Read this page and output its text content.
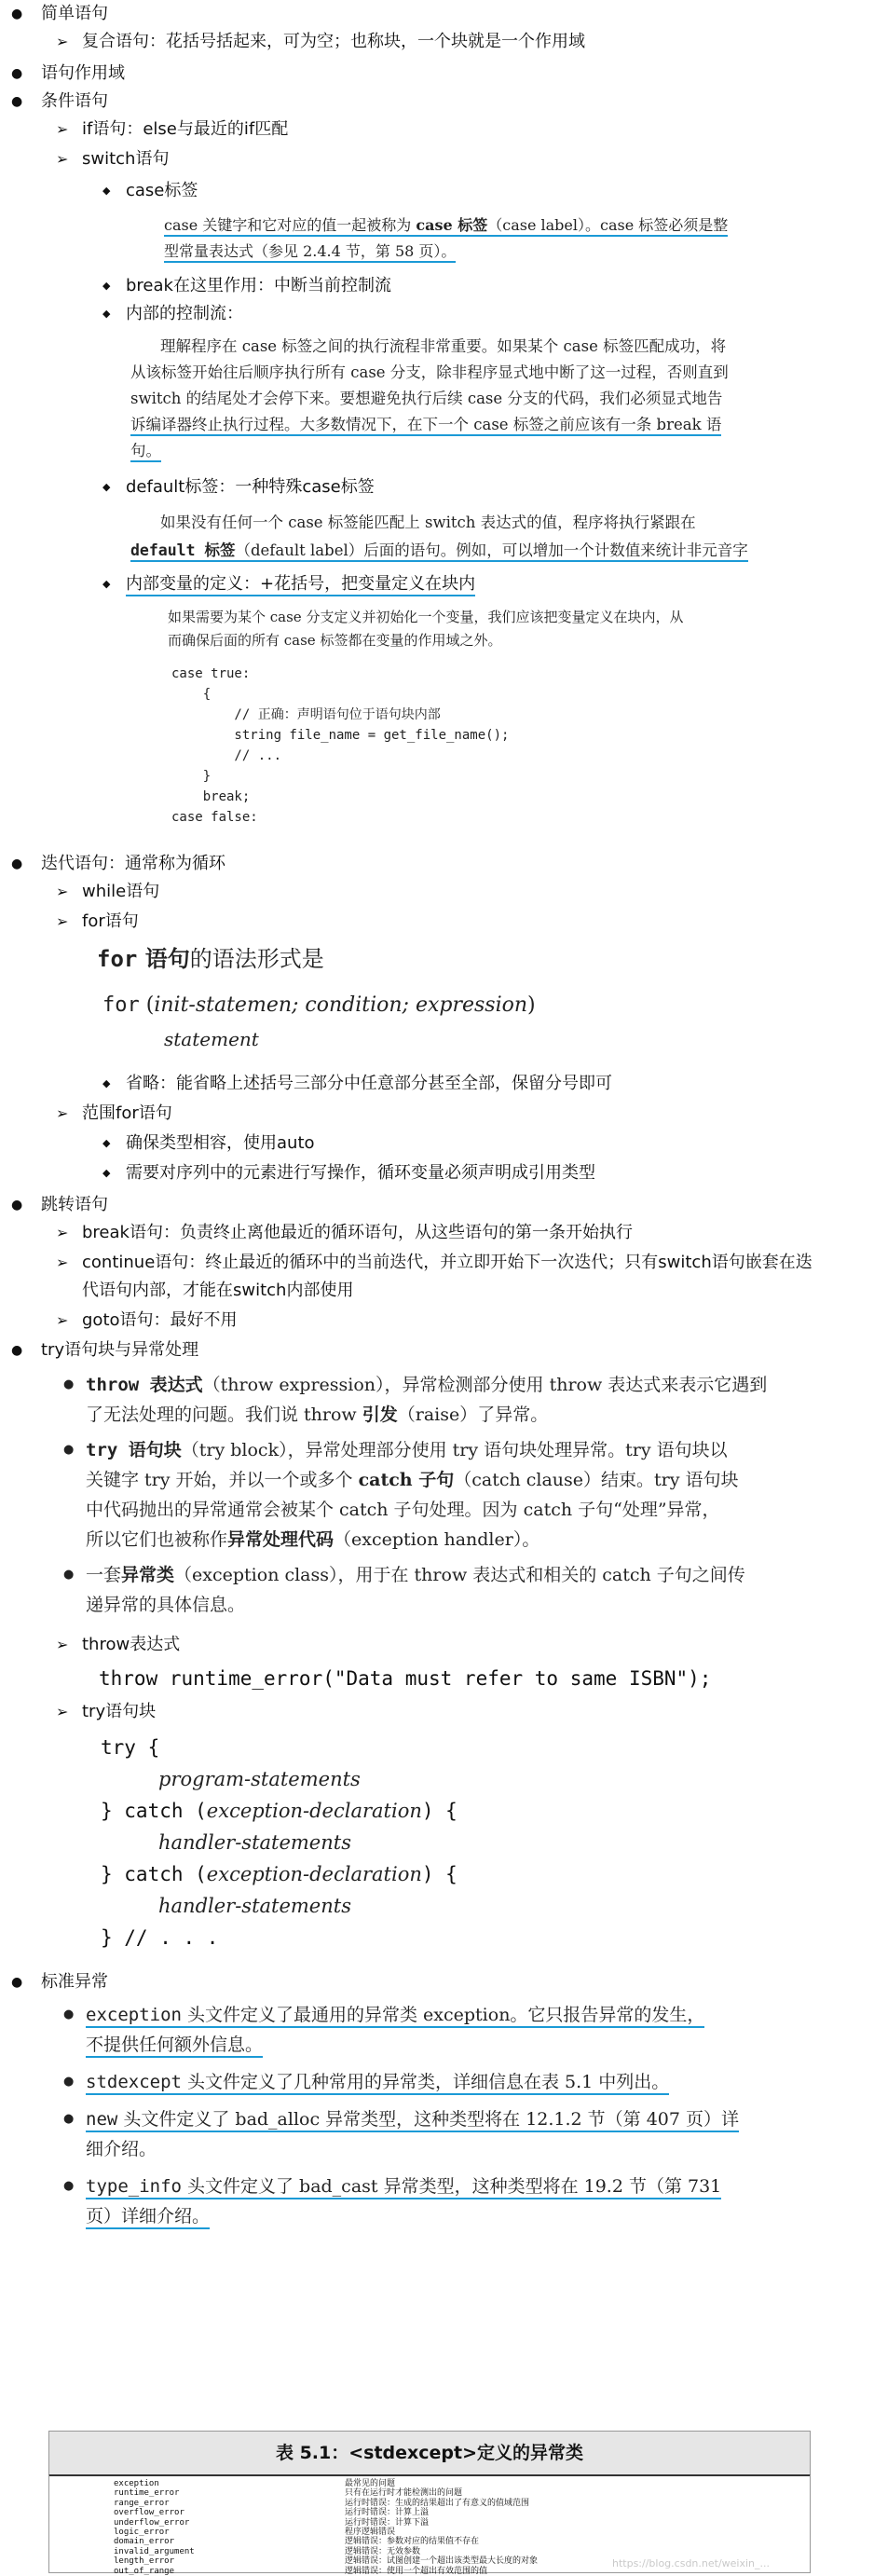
● 简单语句
➢ 复合语句：花括号括起来，可为空；也称块，一个块就是一个作用域
● 语句作用域
● 条件语句
➢ if语句：else与最近的if匹配
➢ switch语句
◆ case标签
case 关键字和它对应的值一起被称为 case 标签（case label）。case 标签必须是整
型常量表达式（参见 2.4.4 节，第 58 页）。
◆ break在这里作用：中断当前控制流
◆ 内部的控制流：
理解程序在 case 标签之间的执行流程非常重要。如果某个 case 标签匹配成功，将
从该标签开始往后顺序执行所有 case 分支，除非程序显式地中断了这一过程，否则直到
switch 的结尾处才会停下来。要想避免执行后续 case 分支的代码，我们必须显式地告
诉编译器终止执行过程。大多数情况下，在下一个 case 标签之前应该有一条 break 语
句。
◆ default标签：一种特殊case标签
如果没有任何一个 case 标签能匹配上 switch 表达式的值，程序将执行紧跟在
default 标签（default label）后面的语句。例如，可以增加一个计数值来统计非元音字
◆ 内部变量的定义：+花括号，把变量定义在块内
如果需要为某个 case 分支定义并初始化一个变量，我们应该把变量定义在块内，从
而确保后面的所有 case 标签都在变量的作用域之外。
case true:
{
// 正确：声明语句位于语句块内部
string file_name = get_file_name();
// ...
}
break;
case false:
● 迭代语句：通常称为循环
➢ while语句
➢ for语句
for 语句的语法形式是
for (init-statemen; condition; expression)
statement
◆ 省略：能省略上述括号三部分中任意部分甚至全部，保留分号即可
➢ 范围for语句
◆ 确保类型相容，使用auto
◆ 需要对序列中的元素进行写操作，循环变量必须声明成引用类型
● 跳转语句
➢ break语句：负责终止离他最近的循环语句，从这些语句的第一条开始执行
➢ continue语句：终止最近的循环中的当前迭代，并立即开始下一次迭代；只有switch语句嵌套在迭
代语句内部，才能在switch内部使用
➢ goto语句：最好不用
● try语句块与异常处理
● throw 表达式（throw expression），异常检测部分使用 throw 表达式来表示它遇到
了无法处理的问题。我们说 throw 引发（raise）了异常。
● try 语句块（try block），异常处理部分使用 try 语句块处理异常。try 语句块以
关键字 try 开始，并以一个或多个 catch 子句（catch clause）结束。try 语句块
中代码抛出的异常通常会被某个 catch 子句处理。因为 catch 子句“处理”异常，
所以它们也被称作异常处理代码（exception handler）。
● 一套异常类（exception class），用于在 throw 表达式和相关的 catch 子句之间传
递异常的具体信息。
➢ throw表达式
throw runtime_error("Data must refer to same ISBN");
➢ try语句块
try {
program-statements
} catch (exception-declaration) {
handler-statements
} catch (exception-declaration) {
handler-statements
} // . . .
● 标准异常
● exception 头文件定义了最通用的异常类 exception。它只报告异常的发生，
不提供任何额外信息。
● stdexcept 头文件定义了几种常用的异常类，详细信息在表 5.1 中列出。
● new 头文件定义了 bad_alloc 异常类型，这种类型将在 12.1.2 节（第 407 页）详
细介绍。
● type_info 头文件定义了 bad_cast 异常类型，这种类型将在 19.2 节（第 731
页）详细介绍。
表 5.1：<stdexcept>定义的异常类
exception	最常见的问题
runtime_error	只有在运行时才能检测出的问题
range_error	运行时错误：生成的结果超出了有意义的值域范围
overflow_error	运行时错误：计算上溢
underflow_error	运行时错误：计算下溢
logic_error	程序逻辑错误
domain_error	逻辑错误：参数对应的结果值不存在
invalid_argument	逻辑错误：无效参数
length_error	逻辑错误：试图创建一个超出该类型最大长度的对象
out_of_range	逻辑错误：使用一个超出有效范围的值
https://blog.csdn.net/weixin_...
